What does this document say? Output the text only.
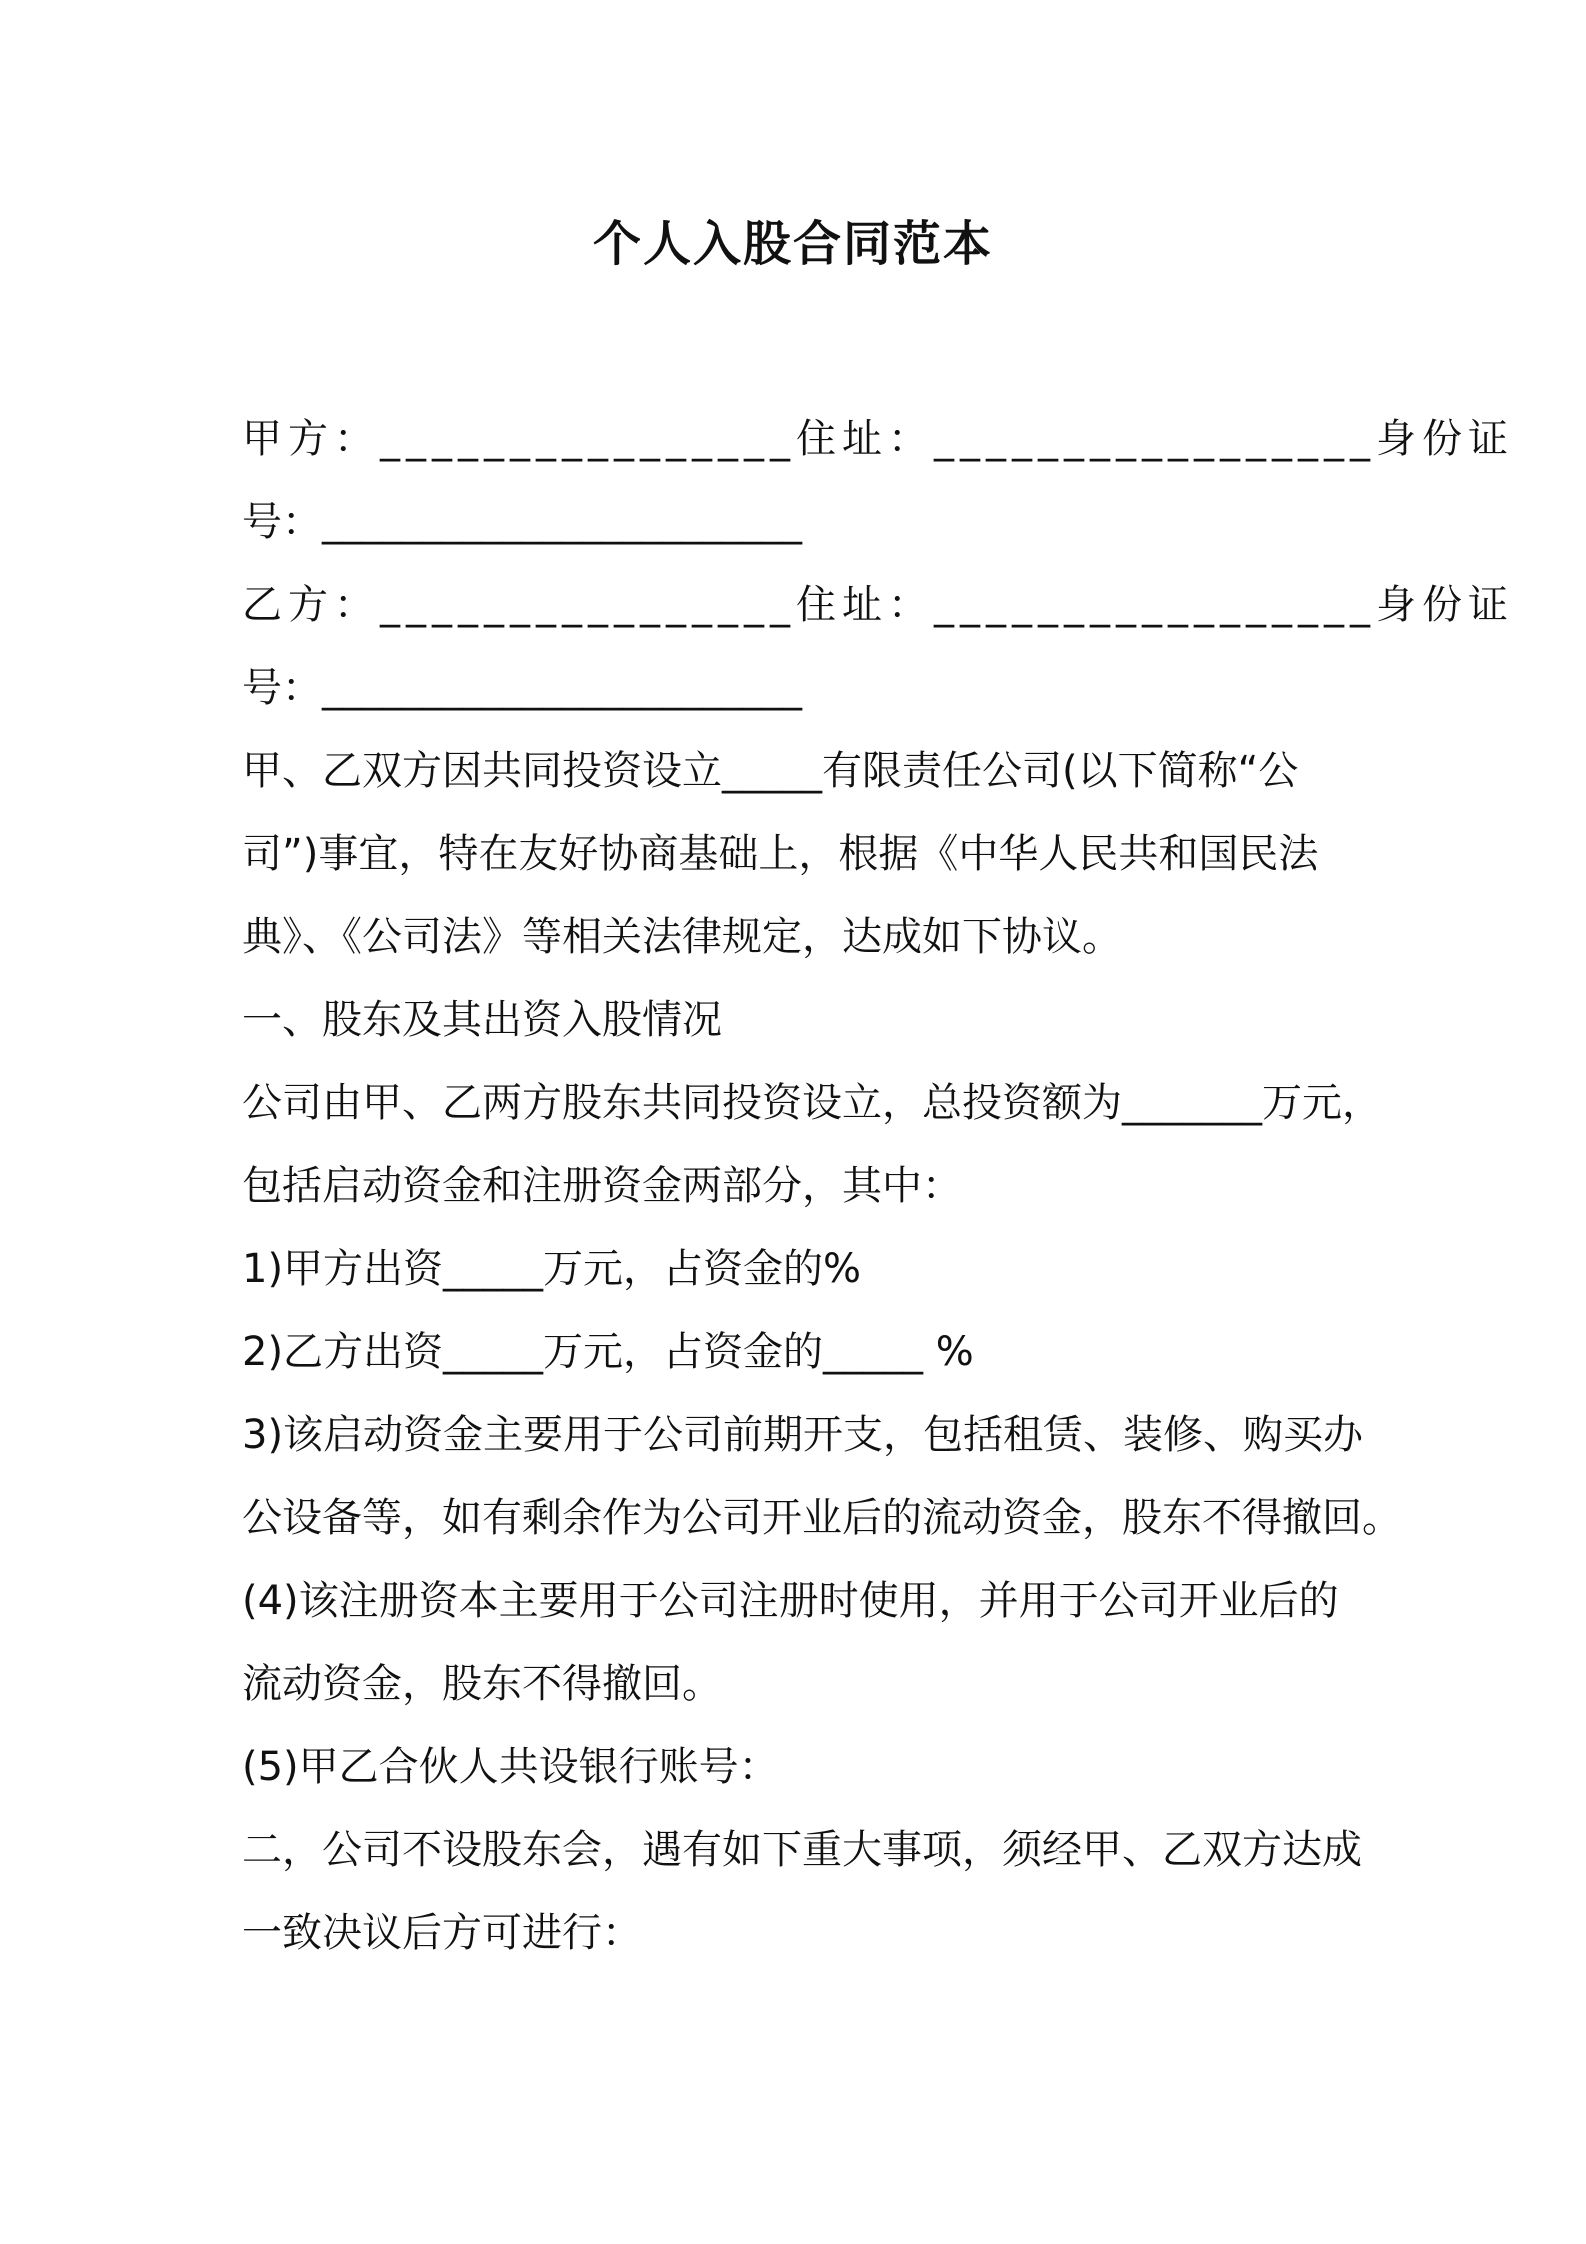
个人入股合同范本
甲方： ________________ 住址： _________________ 身份证
号：________________________
乙方： ________________ 住址： _________________ 身份证
号：________________________
甲、乙双方因共同投资设立_____有限责任公司(以下简称“公
司”)事宜，特在友好协商基础上，根据《中华人民共和国民法
典》、《公司法》等相关法律规定，达成如下协议。
一、股东及其出资入股情况
公司由甲、乙两方股东共同投资设立，总投资额为_______万元，
包括启动资金和注册资金两部分，其中：
1)甲方出资_____万元，占资金的%
2)乙方出资_____万元，占资金的_____ %
3)该启动资金主要用于公司前期开支，包括租赁、装修、购买办
公设备等，如有剩余作为公司开业后的流动资金，股东不得撤回。
(4)该注册资本主要用于公司注册时使用，并用于公司开业后的
流动资金，股东不得撤回。
(5)甲乙合伙人共设银行账号：
二，公司不设股东会，遇有如下重大事项，须经甲、乙双方达成
一致决议后方可进行：
